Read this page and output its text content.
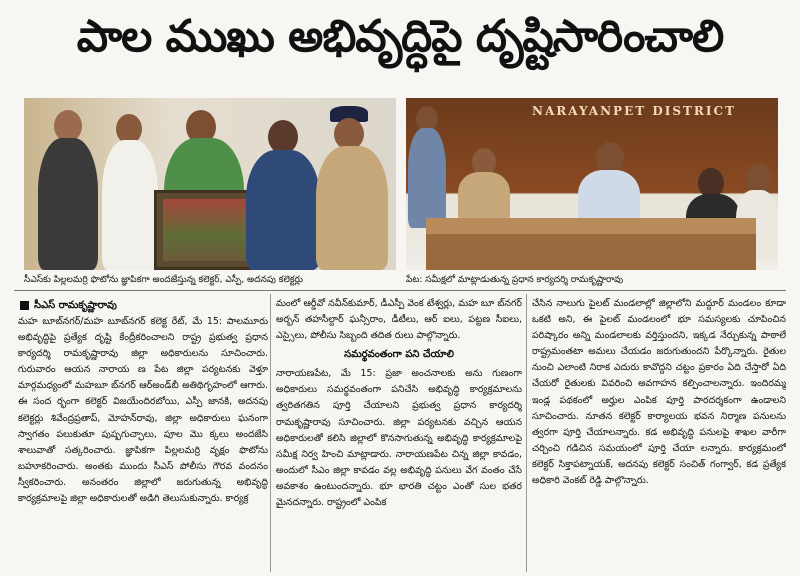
పాల ముఖు అభివృద్ధిపై దృష్టిసారించాలి
NARAYANPET DISTRICT
సీఎస్‌కు పిల్లలమర్రి ఫొటోను జ్ఞాపికగా అందజేస్తున్న కలెక్టర్, ఎస్పీ, అదనపు కలెక్టర్లు	పేట: సమీక్షలో మాట్లాడుతున్న ప్రధాన కార్యదర్శి రామకృష్ణారావు
సీఎస్ రామకృష్ణారావు

మహ బూబ్‌నగర్/మహ బూబ్‌నగర్ కలెక్ట రేట్, మే 15: పాలమూరు అభివృద్ధిపై ప్రత్యేక దృష్టి కేంద్రీకరించాలని రాష్ట్ర ప్రభుత్వ ప్రధాన కార్యదర్శి రామకృష్ణారావు జిల్లా అధికారులను సూచించారు. గురువారం ఆయన నారాయ ణ పేట జిల్లా పర్యటనకు వెళ్తూ మార్గమధ్యంలో మహబూ బ్‌నగర్ ఆర్‌అండ్‌బీ అతిథిగృహంలో ఆగారు. ఈ సంద ర్భంగా కలెక్టర్ విజయేందిరబోయి, ఎస్పీ జానకి, అదనపు కలెక్టర్లు శివేంద్రప్రతాప్, మోహన్‌రావు, జిల్లా అధికారులు ఘనంగా స్వాగతం పలుకుతూ పుష్పగుచ్ఛాలు, పూల మొ క్కలు అందజేసి శాలువాతో సత్కరించారు. జ్ఞాపికగా పిల్లలమర్రి వృక్షం ఫొటోను బహూకరించారు. అంతకు ముందు సీఎస్ పోలీసు గౌరవ వందనం స్వీకరించారు. అనంతరం జిల్లాలో జరుగుతున్న అభివృద్ధి కార్యక్రమాలపై జిల్లా అధికారులతో అడిగి తెలుసుకున్నారు. కార్యక్ర

మంలో ఆర్డీవో నవీన్‌కుమార్, డీఎస్పీ వెంక టేశ్వర్లు, మహ బూ బ్‌నగర్ అర్బన్ తహసీల్దార్ ఘన్సీరాం, డీటీలు, ఆర్ ఐలు, పట్టణ సీఐలు, ఎస్సైలు, పోలీసు సిబ్బంది తదిత రులు పాల్గొన్నారు.

సమర్థవంతంగా పని చేయాలి

నారాయణపేట, మే 15: ప్రజా అంచనాలకు అను గుణంగా అధికారులు సమర్థవంతంగా పనిచేసి అభివృద్ధి కార్యక్రమాలను త్వరితగతిన పూర్తి చేయాలని ప్రభుత్వ ప్రధాన కార్యదర్శి రామకృష్ణారావు సూచించారు. జిల్లా పర్యటనకు వచ్చిన ఆయన అధికారులతో కలిసి జిల్లాలో కొనసాగుతున్న అభివృద్ధి కార్యక్రమాలపై సమీక్ష నిర్వ హించి మాట్లాడారు. నారాయణపేట చిన్న జిల్లా కావడం, అందులో సీఎం జిల్లా కావడం వల్ల అభివృద్ధి పనులు వేగ వంతం చేసే అవకాశం ఉంటుందన్నారు. భూ భారతి చట్టం ఎంతో సుల భతర మైనదన్నారు. రాష్ట్రంలో ఎంపిక

చేసిన నాలుగు పైలట్ మండలాల్లో జిల్లాలోని మద్దూర్ మండలం కూడా ఒకటి అని, ఈ పైలట్ మండలంలో భూ సమస్యలకు చూపించిన పరిష్కారం అన్ని మండలాలకు వర్తిస్తుందని, ఇక్కడ నేర్చుకున్న పాఠాలే రాష్ట్రమంతటా అమలు చేయడం జరుగుతుందని పేర్కొన్నారు. రైతుల నుంచి ఎలాంటి నిరాక ఎదురు కావొద్దని చట్టం ప్రకారం ఏది చేస్తారో ఏది చేయరో రైతులకు వివరించి అవగాహన కల్పించాలన్నారు. ఇందిరమ్మ ఇండ్ల పథకంలో అర్హుల ఎంపిక పూర్తి పారదర్శకంగా ఉండాలని సూచించారు. నూతన కలెక్టర్ కార్యాలయ భవన నిర్మాణ పనులను త్వరగా పూర్తి చేయాలన్నారు. కడ అభివృద్ధి పనులపై శాఖల వారీగా చర్చించి గడిచిన సమయంలో పూర్తి చేయా లన్నారు. కార్యక్రమంలో కలెక్టర్ సిక్తాపట్నాయక్, అదనపు కలెక్టర్ సంచిత్ గంగ్వార్, కడ ప్రత్యేక అధికారి వెంకట్ రెడ్డి పాల్గొన్నారు.
